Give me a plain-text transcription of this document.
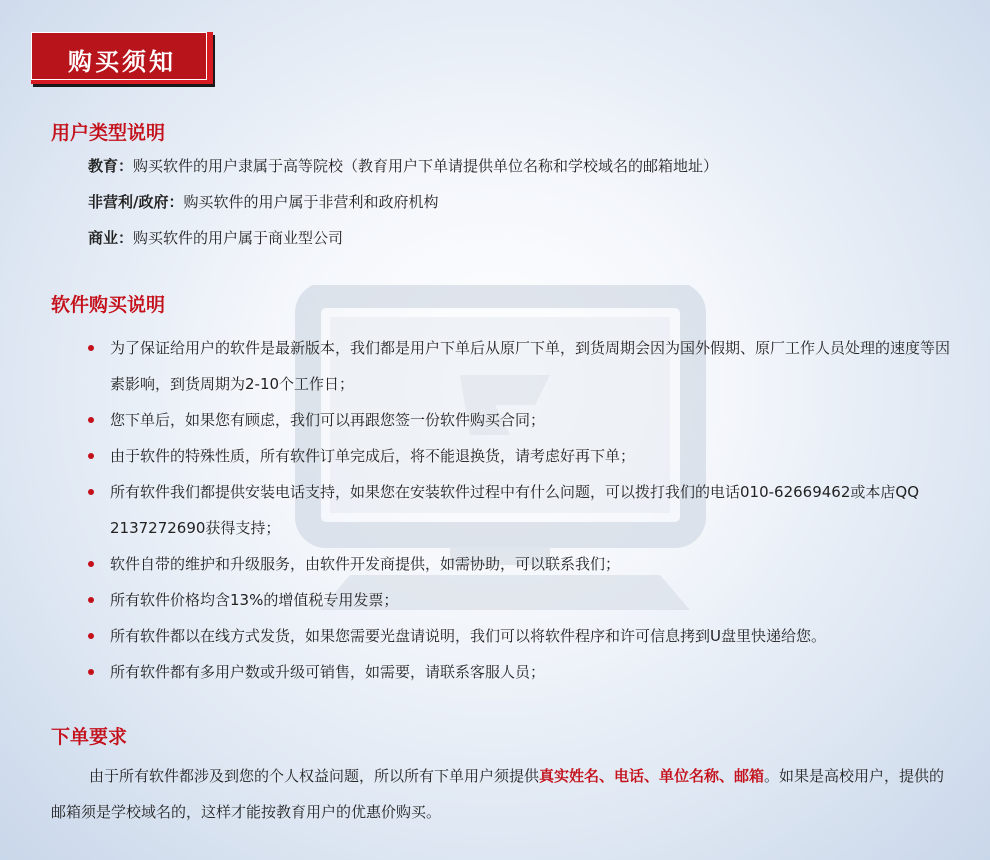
购买须知
用户类型说明
教育：购买软件的用户隶属于高等院校（教育用户下单请提供单位名称和学校域名的邮箱地址）
非营利/政府：购买软件的用户属于非营利和政府机构
商业：购买软件的用户属于商业型公司
软件购买说明
为了保证给用户的软件是最新版本，我们都是用户下单后从原厂下单，到货周期会因为国外假期、原厂工作人员处理的速度等因素影响，到货周期为2-10个工作日；
您下单后，如果您有顾虑，我们可以再跟您签一份软件购买合同；
由于软件的特殊性质，所有软件订单完成后，将不能退换货，请考虑好再下单；
所有软件我们都提供安装电话支持，如果您在安装软件过程中有什么问题，可以拨打我们的电话010-62669462或本店QQ 2137272690获得支持；
软件自带的维护和升级服务，由软件开发商提供，如需协助，可以联系我们；
所有软件价格均含13%的增值税专用发票；
所有软件都以在线方式发货，如果您需要光盘请说明，我们可以将软件程序和许可信息拷到U盘里快递给您。
所有软件都有多用户数或升级可销售，如需要，请联系客服人员；
下单要求

由于所有软件都涉及到您的个人权益问题，所以所有下单用户须提供真实姓名、电话、单位名称、邮箱。如果是高校用户，提供的邮箱须是学校域名的，这样才能按教育用户的优惠价购买。
